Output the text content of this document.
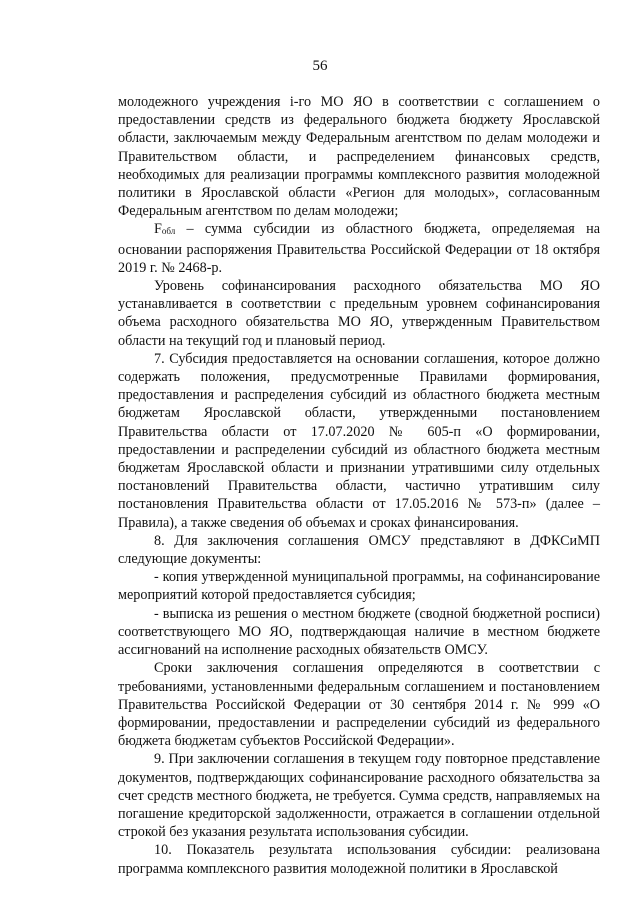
56

молодежного учреждения i-го МО ЯО в соответствии с соглашением о предоставлении средств из федерального бюджета бюджету Ярославской области, заключаемым между Федеральным агентством по делам молодежи и Правительством области, и распределением финансовых средств, необходимых для реализации программы комплексного развития молодежной политики в Ярославской области «Регион для молодых», согласованным Федеральным агентством по делам молодежи;

$F_{обл}$ – сумма субсидии из областного бюджета, определяемая на основании распоряжения Правительства Российской Федерации от 18 октября 2019 г. № 2468-р.

Уровень софинансирования расходного обязательства МО ЯО устанавливается в соответствии с предельным уровнем софинансирования объема расходного обязательства МО ЯО, утвержденным Правительством области на текущий год и плановый период.

7. Субсидия предоставляется на основании соглашения, которое должно содержать положения, предусмотренные Правилами формирования, предоставления и распределения субсидий из областного бюджета местным бюджетам Ярославской области, утвержденными постановлением Правительства области от 17.07.2020 № 605-п «О формировании, предоставлении и распределении субсидий из областного бюджета местным бюджетам Ярославской области и признании утратившими силу отдельных постановлений Правительства области, частично утратившим силу постановления Правительства области от 17.05.2016 № 573-п» (далее – Правила), а также сведения об объемах и сроках финансирования.

8. Для заключения соглашения ОМСУ представляют в ДФКСиМП следующие документы:

- копия утвержденной муниципальной программы, на софинансирование мероприятий которой предоставляется субсидия;

- выписка из решения о местном бюджете (сводной бюджетной росписи) соответствующего МО ЯО, подтверждающая наличие в местном бюджете ассигнований на исполнение расходных обязательств ОМСУ.

Сроки заключения соглашения определяются в соответствии с требованиями, установленными федеральным соглашением и постановлением Правительства Российской Федерации от 30 сентября 2014 г. № 999 «О формировании, предоставлении и распределении субсидий из федерального бюджета бюджетам субъектов Российской Федерации».

9. При заключении соглашения в текущем году повторное представление документов, подтверждающих софинансирование расходного обязательства за счет средств местного бюджета, не требуется. Сумма средств, направляемых на погашение кредиторской задолженности, отражается в соглашении отдельной строкой без указания результата использования субсидии.

10. Показатель результата использования субсидии: реализована программа комплексного развития молодежной политики в Ярославской
